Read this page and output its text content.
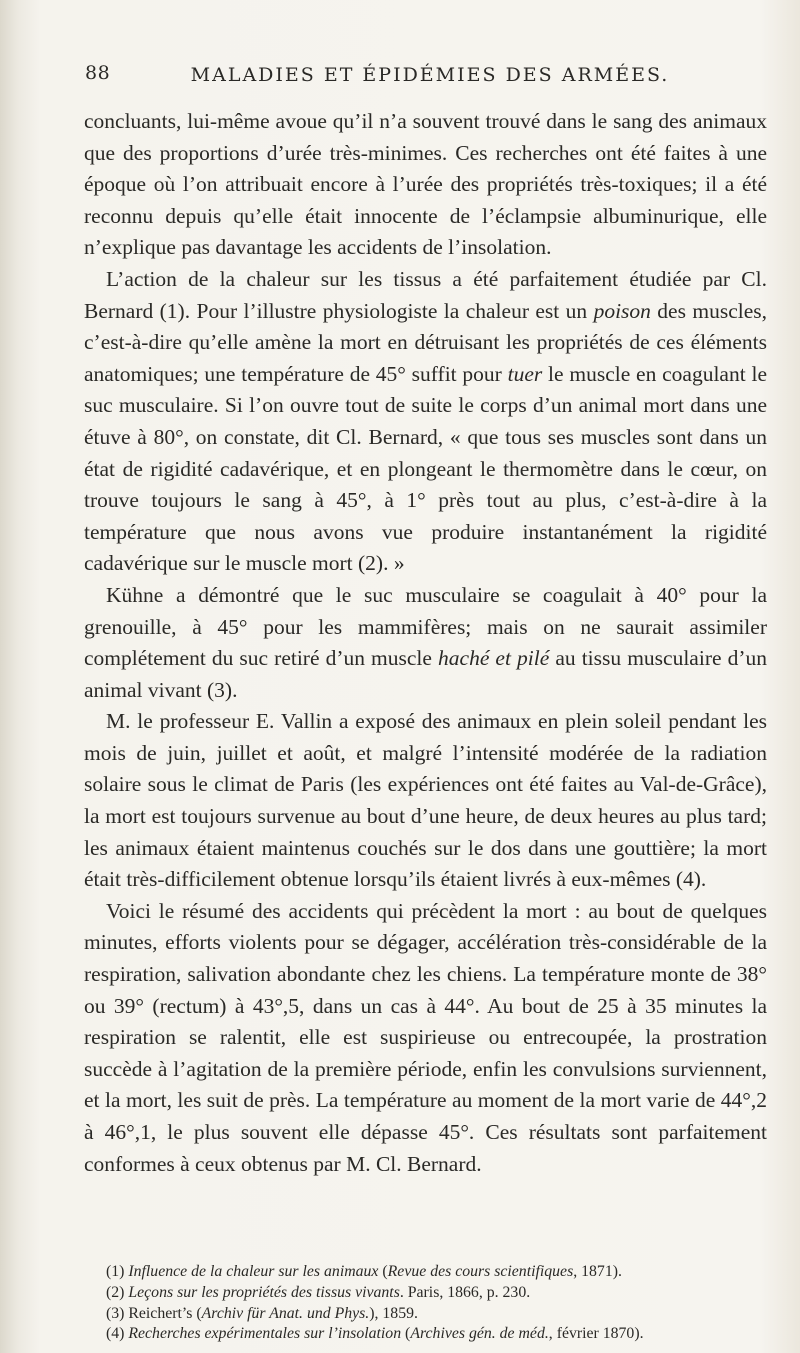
88	MALADIES ET ÉPIDÉMIES DES ARMÉES.

concluants, lui-même avoue qu’il n’a souvent trouvé dans le sang des animaux que des proportions d’urée très-minimes. Ces recherches ont été faites à une époque où l’on attribuait encore à l’urée des propriétés très-toxiques; il a été reconnu depuis qu’elle était innocente de l’éclampsie albuminurique, elle n’explique pas davantage les accidents de l’insolation.

L’action de la chaleur sur les tissus a été parfaitement étudiée par Cl. Bernard (1). Pour l’illustre physiologiste la chaleur est un poison des muscles, c’est-à-dire qu’elle amène la mort en détruisant les propriétés de ces éléments anatomiques; une température de 45° suffit pour tuer le muscle en coagulant le suc musculaire. Si l’on ouvre tout de suite le corps d’un animal mort dans une étuve à 80°, on constate, dit Cl. Bernard, « que tous ses muscles sont dans un état de rigidité cadavérique, et en plongeant le thermomètre dans le cœur, on trouve toujours le sang à 45°, à 1° près tout au plus, c’est-à-dire à la température que nous avons vue produire instantanément la rigidité cadavérique sur le muscle mort (2). »

Kühne a démontré que le suc musculaire se coagulait à 40° pour la grenouille, à 45° pour les mammifères; mais on ne saurait assimiler complétement du suc retiré d’un muscle haché et pilé au tissu musculaire d’un animal vivant (3).

M. le professeur E. Vallin a exposé des animaux en plein soleil pendant les mois de juin, juillet et août, et malgré l’intensité modérée de la radiation solaire sous le climat de Paris (les expériences ont été faites au Val-de-Grâce), la mort est toujours survenue au bout d’une heure, de deux heures au plus tard; les animaux étaient maintenus couchés sur le dos dans une gouttière; la mort était très-difficilement obtenue lorsqu’ils étaient livrés à eux-mêmes (4).

Voici le résumé des accidents qui précèdent la mort : au bout de quelques minutes, efforts violents pour se dégager, accélération très-considérable de la respiration, salivation abondante chez les chiens. La température monte de 38° ou 39° (rectum) à 43°,5, dans un cas à 44°. Au bout de 25 à 35 minutes la respiration se ralentit, elle est suspirieuse ou entrecoupée, la prostration succède à l’agitation de la première période, enfin les convulsions surviennent, et la mort, les suit de près. La température au moment de la mort varie de 44°,2 à 46°,1, le plus souvent elle dépasse 45°. Ces résultats sont parfaitement conformes à ceux obtenus par M. Cl. Bernard.

(1) Influence de la chaleur sur les animaux (Revue des cours scientifiques, 1871).
(2) Leçons sur les propriétés des tissus vivants. Paris, 1866, p. 230.
(3) Reichert’s (Archiv für Anat. und Phys.), 1859.
(4) Recherches expérimentales sur l’insolation (Archives gén. de méd., février 1870).
